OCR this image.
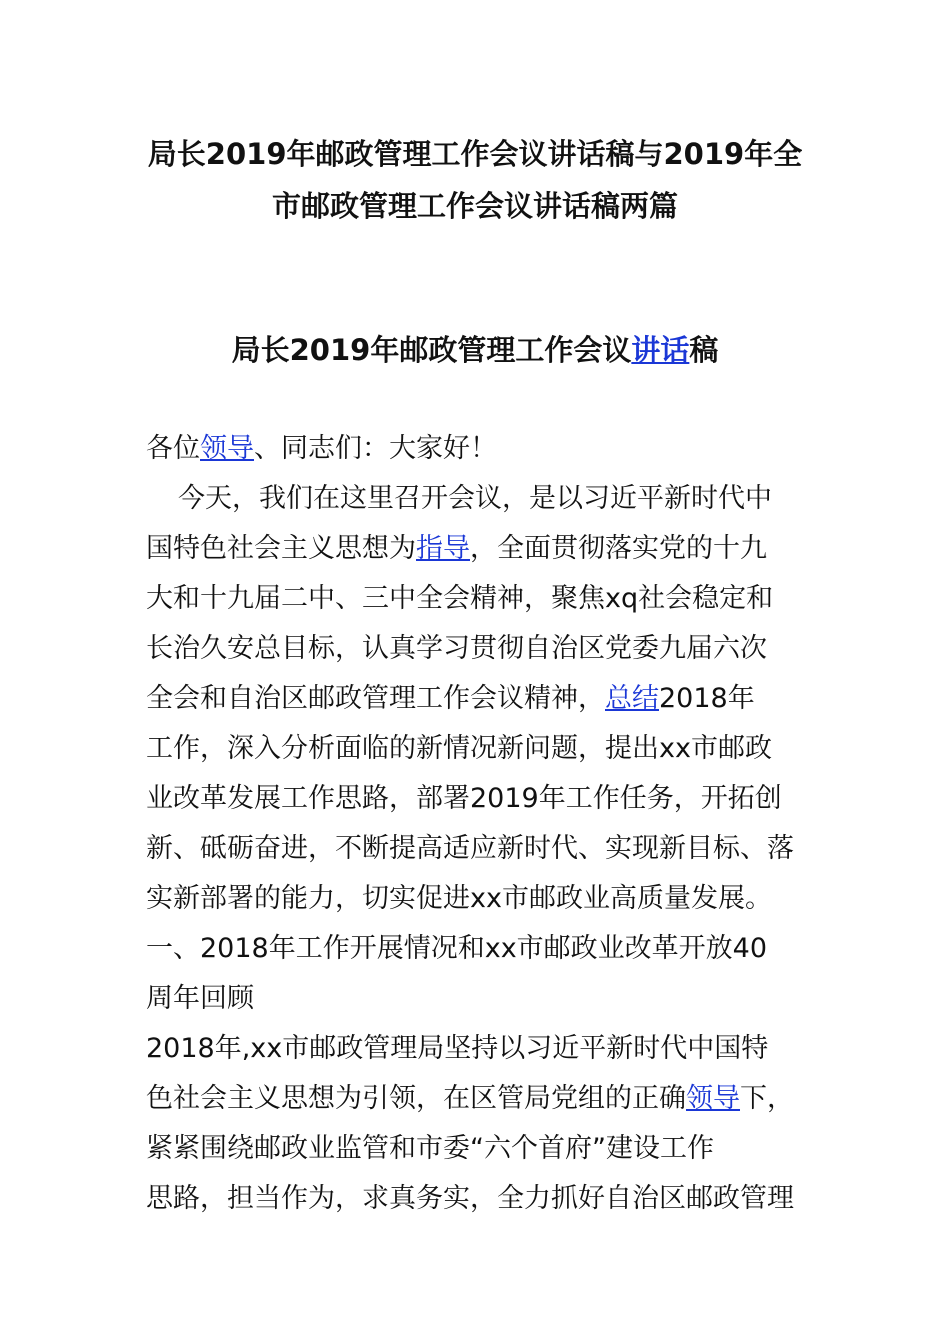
局长2019年邮政管理工作会议讲话稿与2019年全
市邮政管理工作会议讲话稿两篇
局长2019年邮政管理工作会议讲话稿
各位领导、同志们：大家好！
今天，我们在这里召开会议，是以习近平新时代中
国特色社会主义思想为指导，全面贯彻落实党的十九
大和十九届二中、三中全会精神，聚焦xq社会稳定和
长治久安总目标，认真学习贯彻自治区党委九届六次
全会和自治区邮政管理工作会议精神，总结2018年
工作，深入分析面临的新情况新问题，提出xx市邮政
业改革发展工作思路，部署2019年工作任务，开拓创
新、砥砺奋进，不断提高适应新时代、实现新目标、落
实新部署的能力，切实促进xx市邮政业高质量发展。
一、2018年工作开展情况和xx市邮政业改革开放40
周年回顾
2018年,xx市邮政管理局坚持以习近平新时代中国特
色社会主义思想为引领，在区管局党组的正确领导下，
紧紧围绕邮政业监管和市委“六个首府”建设工作
思路，担当作为，求真务实，全力抓好自治区邮政管理
